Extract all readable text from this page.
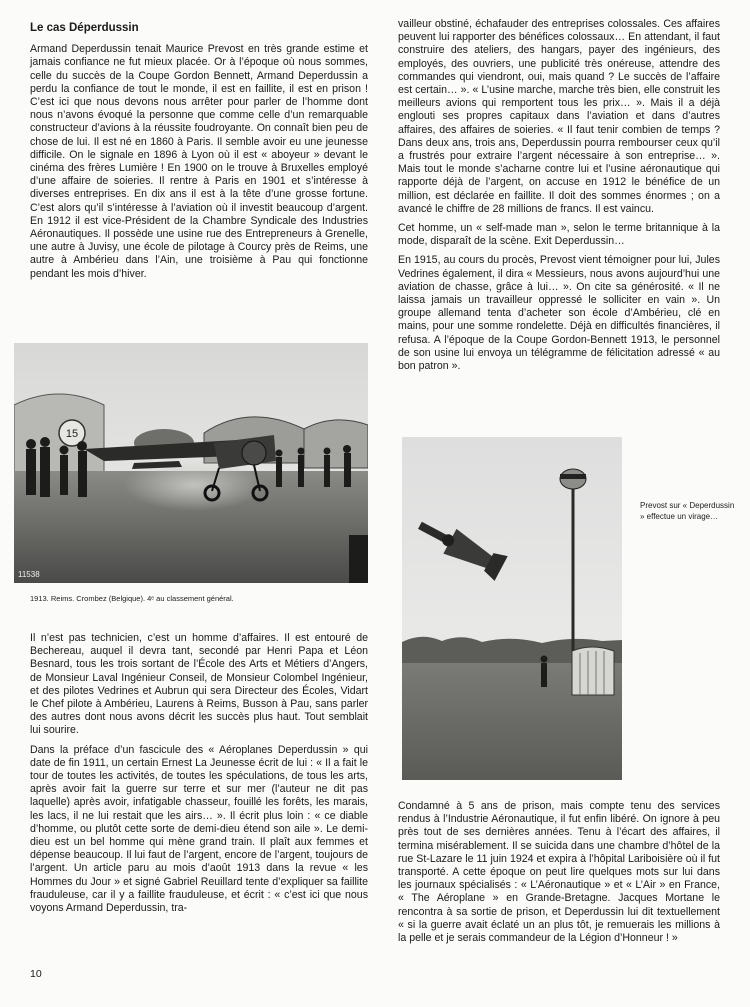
Le cas Déperdussin

Armand Deperdussin tenait Maurice Prevost en très grande estime et jamais confiance ne fut mieux placée. Or à l’époque où nous sommes, celle du succès de la Coupe Gordon Bennett, Armand Deperdussin a perdu la confiance de tout le monde, il est en faillite, il est en prison ! C’est ici que nous devons nous arrêter pour parler de l’homme dont nous n’avons évoqué la personne que comme celle d’un remarquable constructeur d’avions à la réussite foudroyante. On connaît bien peu de chose de lui. Il est né en 1860 à Paris. Il semble avoir eu une jeunesse difficile. On le signale en 1896 à Lyon où il est « aboyeur » devant le cinéma des frères Lumière ! En 1900 on le trouve à Bruxelles employé d’une affaire de soieries. Il rentre à Paris en 1901 et s’intéresse à diverses entreprises. En dix ans il est à la tête d’une grosse fortune. C’est alors qu’il s’intéresse à l’aviation où il investit beaucoup d’argent. En 1912 il est vice-Président de la Chambre Syndicale des Industries Aéronautiques. Il possède une usine rue des Entrepreneurs à Grenelle, une autre à Juvisy, une école de pilotage à Courcy près de Reims, une autre à Ambérieu dans l’Ain, une troisième à Pau qui fonctionne pendant les mois d’hiver.

15
11538
1913. Reims. Crombez (Belgique). 4ᵉ au classement général.

Il n’est pas technicien, c’est un homme d’affaires. Il est entouré de Bechereau, auquel il devra tant, secondé par Henri Papa et Léon Besnard, tous les trois sortant de l’École des Arts et Métiers d’Angers, de Monsieur Laval Ingénieur Conseil, de Monsieur Colombel Ingénieur, et des pilotes Vedrines et Aubrun qui sera Directeur des Écoles, Vidart le Chef pilote à Ambérieu, Laurens à Reims, Busson à Pau, sans parler des autres dont nous avons décrit les succès plus haut. Tout semblait lui sourire.

Dans la préface d’un fascicule des « Aéroplanes Deperdussin » qui date de fin 1911, un certain Ernest La Jeunesse écrit de lui : « Il a fait le tour de toutes les activités, de toutes les spéculations, de tous les arts, après avoir fait la guerre sur terre et sur mer (l’auteur ne dit pas laquelle) après avoir, infatigable chasseur, fouillé les forêts, les marais, les lacs, il ne lui restait que les airs… ». Il écrit plus loin : « ce diable d’homme, ou plutôt cette sorte de demi-dieu étend son aile ». Le demi-dieu est un bel homme qui mène grand train. Il plaît aux femmes et dépense beaucoup. Il lui faut de l’argent, encore de l’argent, toujours de l’argent. Un article paru au mois d’août 1913 dans la revue « les Hommes du Jour » et signé Gabriel Reuillard tente d’expliquer sa faillite frauduleuse, car il y a faillite frauduleuse, et écrit : « c’est ici que nous voyons Armand Deperdussin, tra-

vailleur obstiné, échafauder des entreprises colossales. Ces affaires peuvent lui rapporter des bénéfices colossaux… En attendant, il faut construire des ateliers, des hangars, payer des ingénieurs, des employés, des ouvriers, une publicité très onéreuse, attendre des commandes qui viendront, oui, mais quand ? Le succès de l’affaire est certain… ». « L’usine marche, marche très bien, elle construit les meilleurs avions qui remportent tous les prix… ». Mais il a déjà englouti ses propres capitaux dans l’aviation et dans d’autres affaires, des affaires de soieries. « Il faut tenir combien de temps ? Dans deux ans, trois ans, Deperdussin pourra rembourser ceux qu’il a frustrés pour extraire l’argent nécessaire à son entreprise… ». Mais tout le monde s’acharne contre lui et l’usine aéronautique qui rapporte déjà de l’argent, on accuse en 1912 le bénéfice de un million, est déclarée en faillite. Il doit des sommes énormes ; on a avancé le chiffre de 28 millions de francs. Il est vaincu.

Cet homme, un « self-made man », selon le terme britannique à la mode, disparaît de la scène. Exit Deperdussin…

En 1915, au cours du procès, Prevost vient témoigner pour lui, Jules Vedrines également, il dira « Messieurs, nous avons aujourd’hui une aviation de chasse, grâce à lui… ». On cite sa générosité. « Il ne laissa jamais un travailleur oppressé le solliciter en vain ». Un groupe allemand tenta d’acheter son école d’Ambérieu, clé en mains, pour une somme rondelette. Déjà en difficultés financières, il refusa. A l’époque de la Coupe Gordon-Bennett 1913, le personnel de son usine lui envoya un télégramme de félicitation adressé « au bon patron ».

Prevost sur « Deperdussin » effectue un virage…

Condamné à 5 ans de prison, mais compte tenu des services rendus à l’Industrie Aéronautique, il fut enfin libéré. On ignore à peu près tout de ses dernières années. Tenu à l’écart des affaires, il termina misérablement. Il se suicida dans une chambre d’hôtel de la rue St-Lazare le 11 juin 1924 et expira à l’hôpital Lariboisière où il fut transporté. A cette époque on peut lire quelques mots sur lui dans les journaux spécialisés : « L’Aéronautique » et « L’Air » en France, « The Aéroplane » en Grande-Bretagne. Jacques Mortane le rencontra à sa sortie de prison, et Deperdussin lui dit textuellement « si la guerre avait éclaté un an plus tôt, je remuerais les millions à la pelle et je serais commandeur de la Légion d’Honneur ! »

10
